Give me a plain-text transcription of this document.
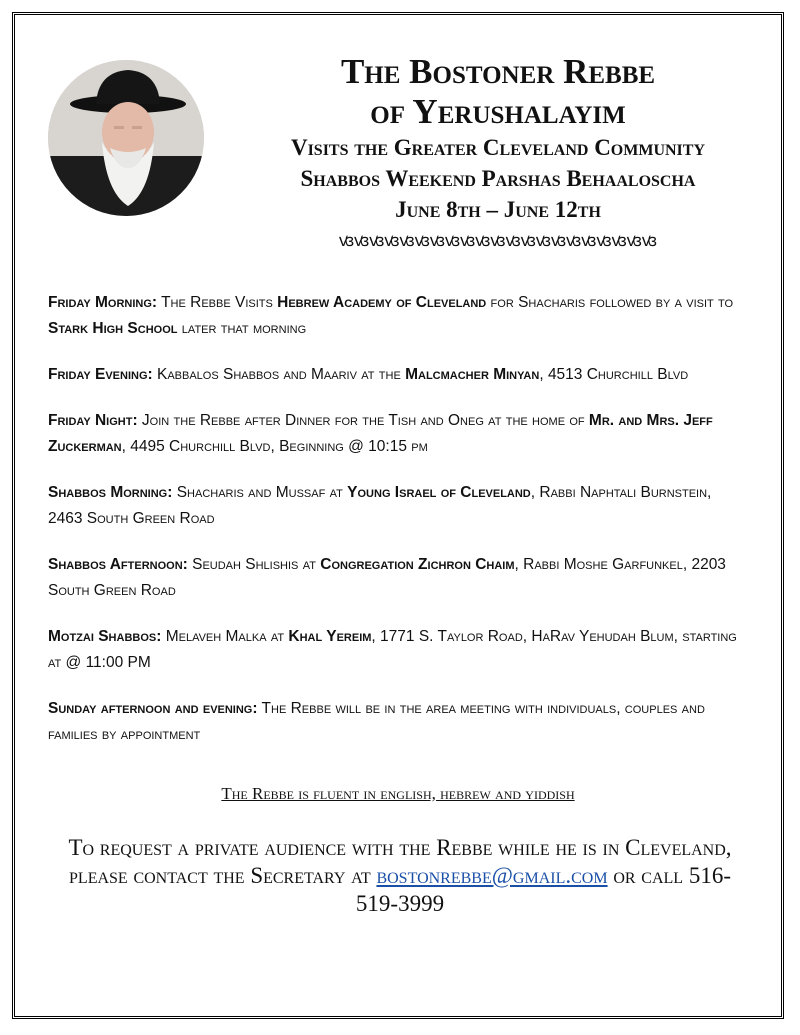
The Bostoner Rebbe
of Yerushalayim
Visits the Greater Cleveland Community
Shabbos Weekend Parshas Behaaloscha
June 8th – June 12th
ꟃꟃꟃꟃꟃꟃꟃꟃꟃꟃꟃꟃꟃꟃꟃꟃꟃꟃꟃꟃꟃ

Friday Morning: The Rebbe Visits Hebrew Academy of Cleveland for Shacharis followed by a visit to Stark High School later that morning

Friday Evening: Kabbalos Shabbos and Maariv at the Malcmacher Minyan, 4513 Churchill Blvd

Friday Night: Join the Rebbe after Dinner for the Tish and Oneg at the home of Mr. and Mrs. Jeff Zuckerman, 4495 Churchill Blvd, Beginning @ 10:15 pm

Shabbos Morning: Shacharis and Mussaf at Young Israel of Cleveland, Rabbi Naphtali Burnstein, 2463 South Green Road

Shabbos Afternoon: Seudah Shlishis at Congregation Zichron Chaim, Rabbi Moshe Garfunkel, 2203 South Green Road

Motzai Shabbos: Melaveh Malka at Khal Yereim, 1771 S. Taylor Road, HaRav Yehudah Blum, starting at @ 11:00 PM

Sunday afternoon and evening: The Rebbe will be in the area meeting with individuals, couples and families by appointment

The Rebbe is fluent in english, hebrew and yiddish
To request a private audience with the Rebbe while he is in Cleveland, please contact the Secretary at bostonrebbe@gmail.com or call 516-519-3999
